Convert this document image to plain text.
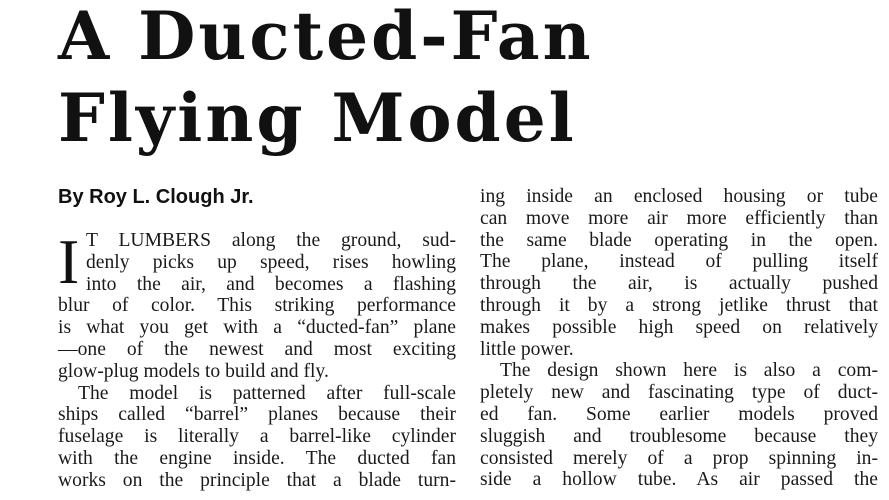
A Ducted-Fan
Flying Model
By Roy L. Clough Jr.
I T LUMBERS along the ground, sud-
denly picks up speed, rises howling
into the air, and becomes a flashing
blur of color. This striking performance
is what you get with a “ducted-fan” plane
—one of the newest and most exciting
glow-plug models to build and fly.
The model is patterned after full-scale
ships called “barrel” planes because their
fuselage is literally a barrel-like cylinder
with the engine inside. The ducted fan
works on the principle that a blade turn-
ing inside an enclosed housing or tube
can move more air more efficiently than
the same blade operating in the open.
The plane, instead of pulling itself
through the air, is actually pushed
through it by a strong jetlike thrust that
makes possible high speed on relatively
little power.
The design shown here is also a com-
pletely new and fascinating type of duct-
ed fan. Some earlier models proved
sluggish and troublesome because they
consisted merely of a prop spinning in-
side a hollow tube. As air passed the
